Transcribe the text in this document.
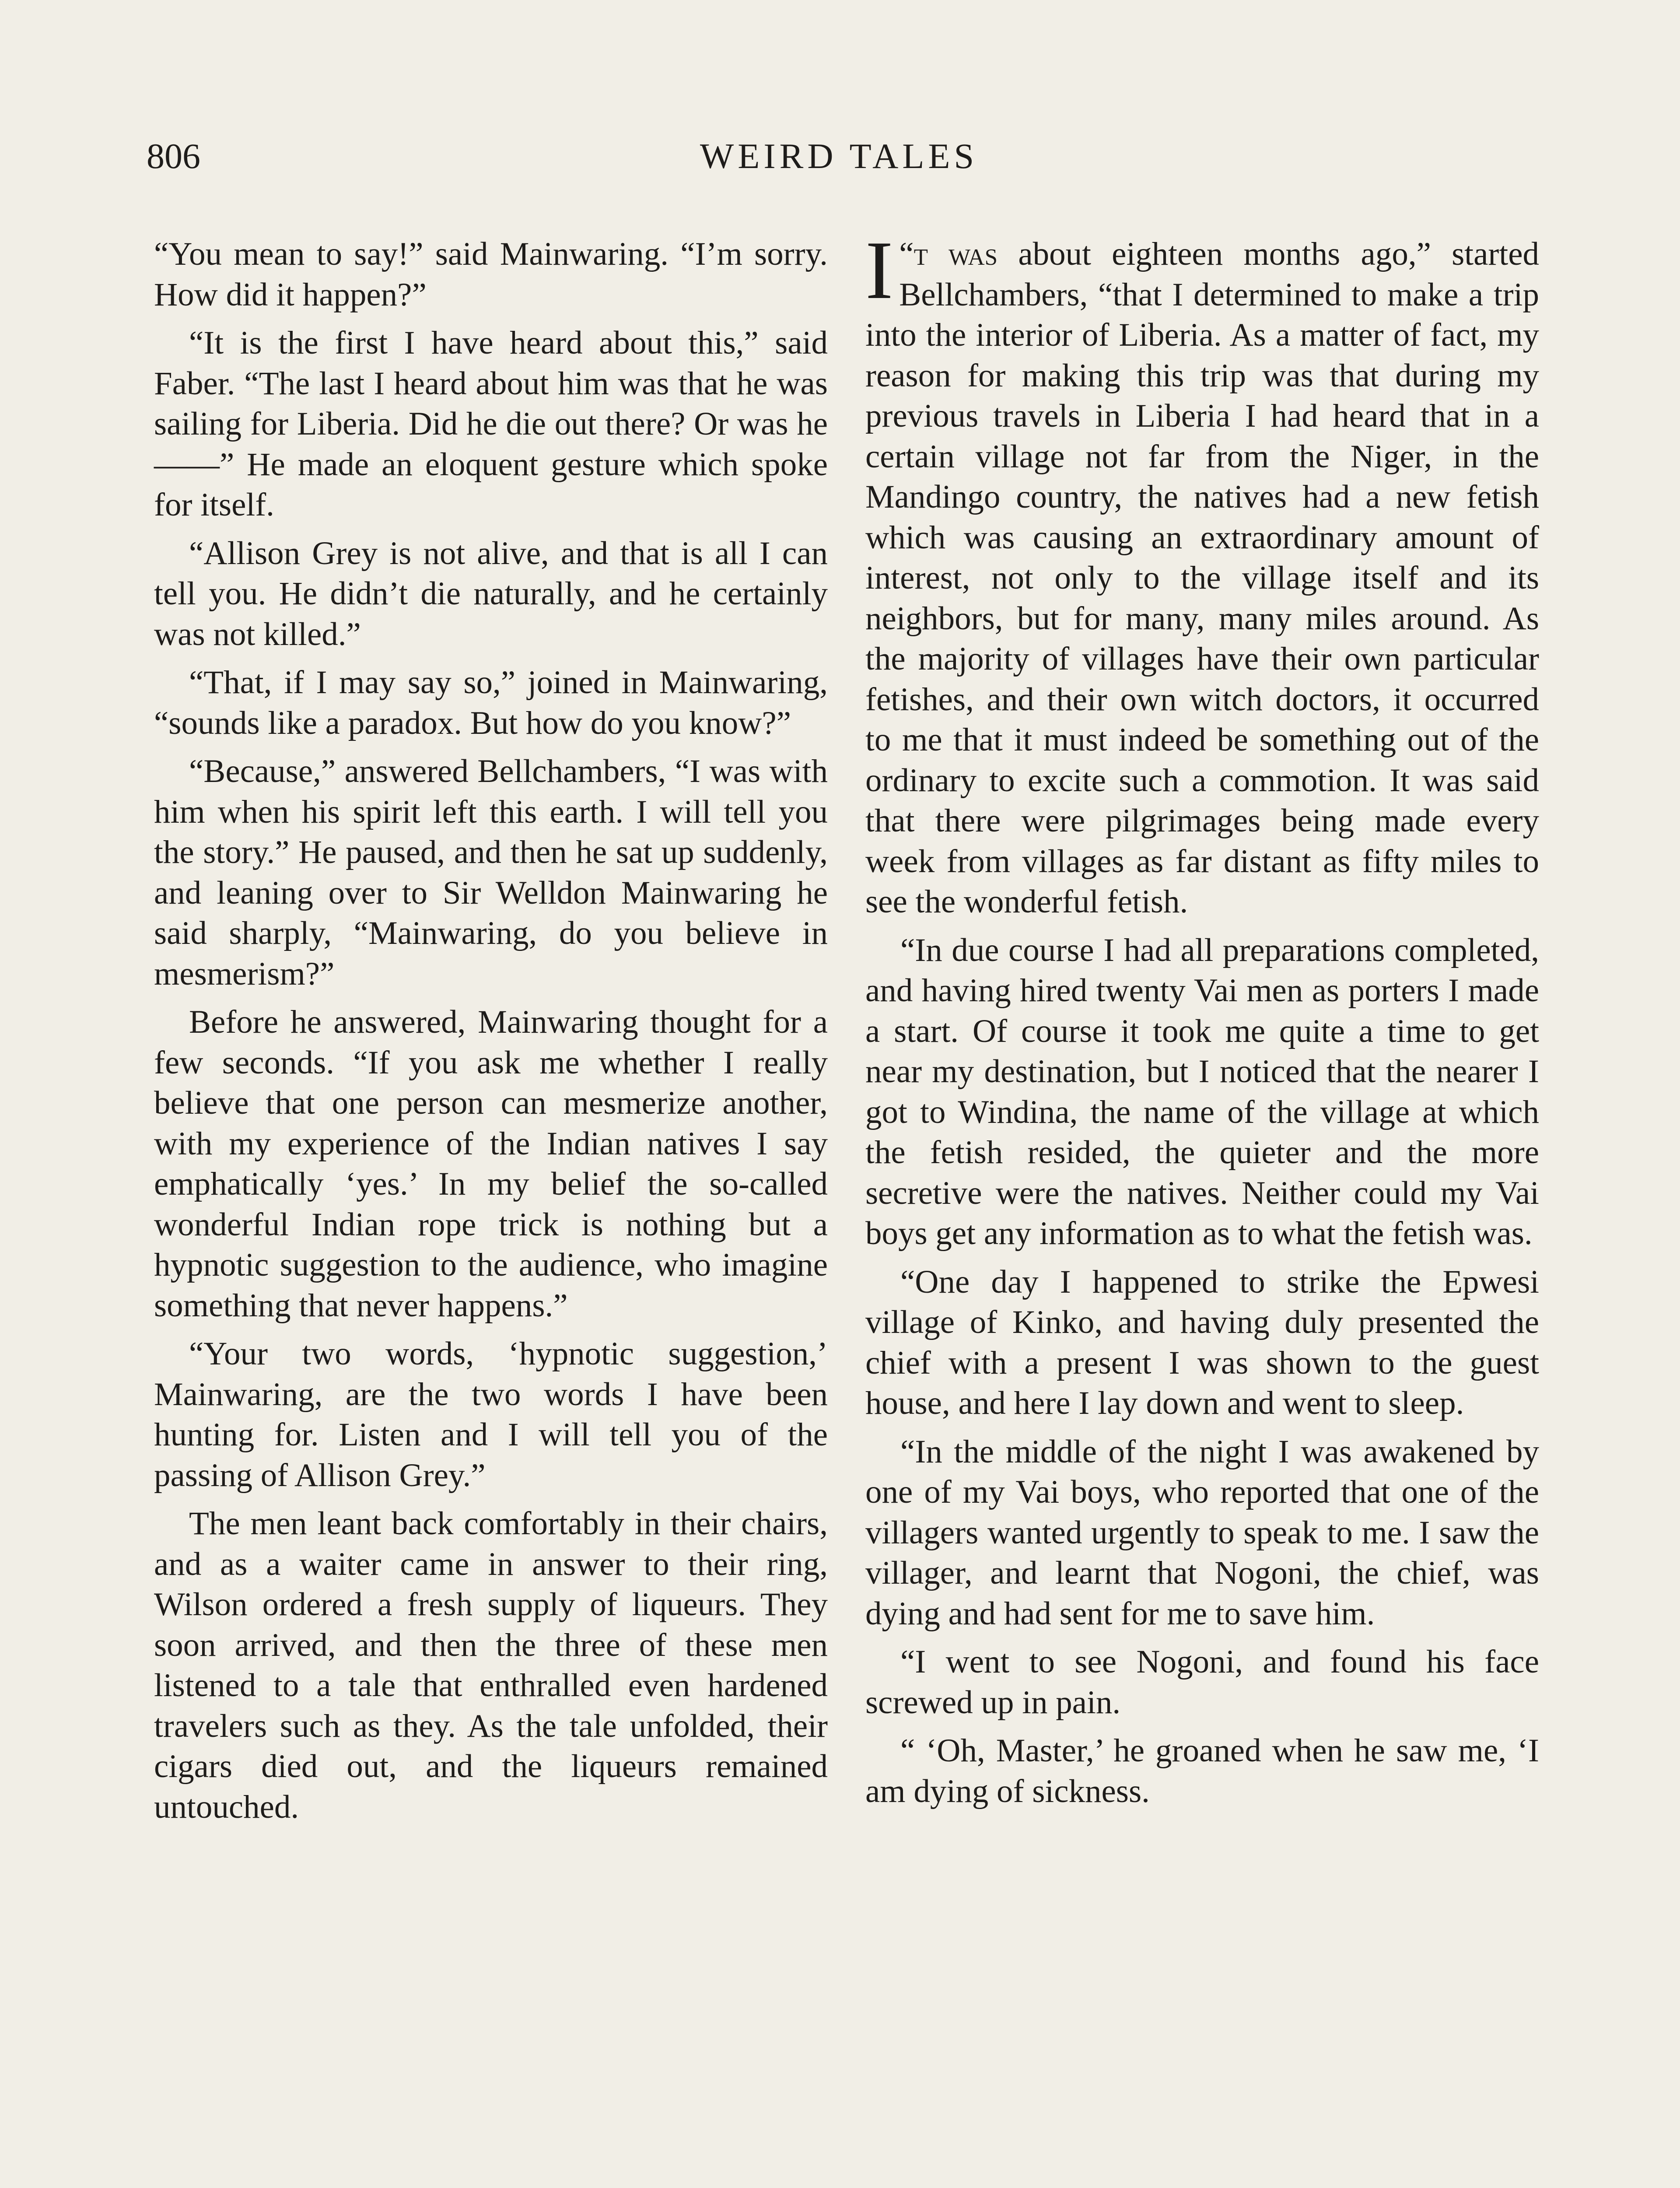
806	WEIRD TALES

“You mean to say!” said Mainwaring. “I’m sorry. How did it happen?”

“It is the first I have heard about this,” said Faber. “The last I heard about him was that he was sailing for Liberia. Did he die out there? Or was he——” He made an eloquent gesture which spoke for itself.

“Allison Grey is not alive, and that is all I can tell you. He didn’t die naturally, and he certainly was not killed.”

“That, if I may say so,” joined in Mainwaring, “sounds like a paradox. But how do you know?”

“Because,” answered Bellchambers, “I was with him when his spirit left this earth. I will tell you the story.” He paused, and then he sat up suddenly, and leaning over to Sir Welldon Mainwaring he said sharply, “Mainwaring, do you believe in mesmerism?”

Before he answered, Mainwaring thought for a few seconds. “If you ask me whether I really believe that one person can mesmerize another, with my experience of the Indian natives I say emphatically ‘yes.’ In my belief the so-called wonderful Indian rope trick is nothing but a hypnotic suggestion to the audience, who imagine something that never happens.”

“Your two words, ‘hypnotic suggestion,’ Mainwaring, are the two words I have been hunting for. Listen and I will tell you of the passing of Allison Grey.”

The men leant back comfortably in their chairs, and as a waiter came in answer to their ring, Wilson ordered a fresh supply of liqueurs. They soon arrived, and then the three of these men listened to a tale that enthralled even hardened travelers such as they. As the tale unfolded, their cigars died out, and the liqueurs remained untouched.

“
I t was about eighteen months ago,” started Bellchambers, “that I determined to make a trip into the interior of Liberia. As a matter of fact, my reason for making this trip was that during my previous travels in Liberia I had heard that in a certain village not far from the Niger, in the Mandingo country, the natives had a new fetish which was causing an extraordinary amount of interest, not only to the village itself and its neighbors, but for many, many miles around. As the majority of villages have their own particular fetishes, and their own witch doctors, it occurred to me that it must indeed be something out of the ordinary to excite such a commotion. It was said that there were pilgrimages being made every week from villages as far distant as fifty miles to see the wonderful fetish.

“In due course I had all preparations completed, and having hired twenty Vai men as porters I made a start. Of course it took me quite a time to get near my destination, but I noticed that the nearer I got to Windina, the name of the village at which the fetish resided, the quieter and the more secretive were the natives. Neither could my Vai boys get any information as to what the fetish was.

“One day I happened to strike the Epwesi village of Kinko, and having duly presented the chief with a present I was shown to the guest house, and here I lay down and went to sleep.

“In the middle of the night I was awakened by one of my Vai boys, who reported that one of the villagers wanted urgently to speak to me. I saw the villager, and learnt that Nogoni, the chief, was dying and had sent for me to save him.

“I went to see Nogoni, and found his face screwed up in pain.

“ ‘Oh, Master,’ he groaned when he saw me, ‘I am dying of sickness.
